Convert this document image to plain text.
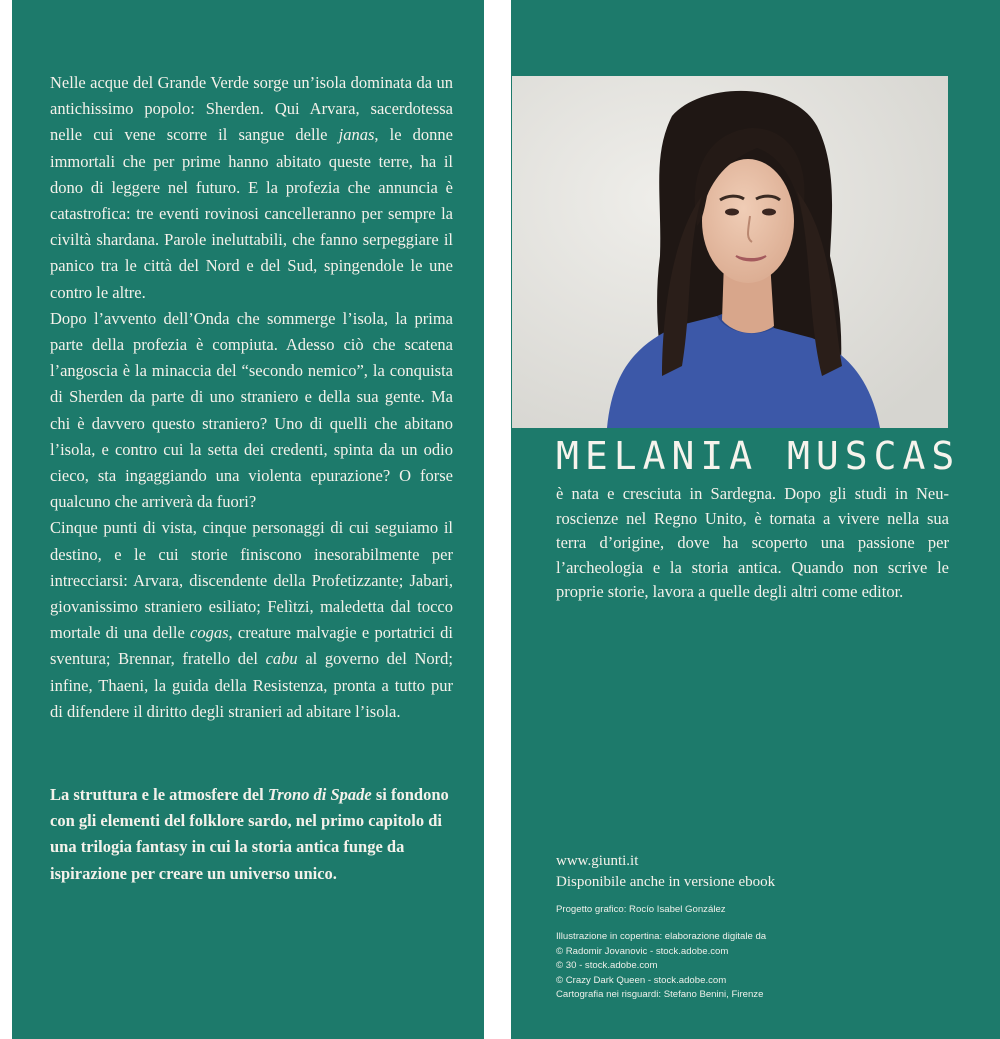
Nelle acque del Grande Verde sorge un’isola dominata da un antichissimo popolo: Sherden. Qui Arvara, sacerdotessa nelle cui vene scorre il sangue delle janas, le donne immortali che per prime hanno abitato queste terre, ha il dono di leggere nel futuro. E la profezia che annuncia è catastrofica: tre eventi rovinosi cancelleranno per sempre la civiltà shardana. Parole ineluttabili, che fanno serpeggiare il panico tra le città del Nord e del Sud, spingendole le une contro le altre.

Dopo l’avvento dell’Onda che sommerge l’isola, la prima parte della profezia è compiuta. Adesso ciò che scatena l’angoscia è la minaccia del “secondo nemico”, la conquista di Sherden da parte di uno straniero e della sua gente. Ma chi è davvero questo straniero? Uno di quelli che abitano l’isola, e contro cui la setta dei credenti, spinta da un odio cieco, sta ingaggiando una violenta epurazione? O forse qualcuno che arriverà da fuori?

Cinque punti di vista, cinque personaggi di cui seguiamo il destino, e le cui storie finiscono inesorabilmente per intrecciarsi: Arvara, discendente della Profetizzante; Jabari, giovanissimo straniero esiliato; Felìtzi, maledetta dal tocco mortale di una delle cogas, creature malvagie e portatrici di sventura; Brennar, fratello del cabu al governo del Nord; infine, Thaeni, la guida della Resistenza, pronta a tutto pur di difendere il diritto degli stranieri ad abitare l’isola.

La struttura e le atmosfere del Trono di Spade si fondono con gli elementi del folklore sardo, nel primo capitolo di una trilogia fantasy in cui la storia antica funge da ispirazione per creare un universo unico.
MELANIA MUSCAS
è nata e cresciuta in Sardegna. Dopo gli studi in Neuroscienze nel Regno Unito, è tornata a vivere nella sua terra d’origine, dove ha scoperto una passione per l’archeologia e la storia antica. Quando non scrive le proprie storie, lavora a quelle degli altri come editor.
www.giunti.it
Disponibile anche in versione ebook
Progetto grafico: Rocío Isabel González
Illustrazione in copertina: elaborazione digitale da
© Radomir Jovanovic - stock.adobe.com
© 30 - stock.adobe.com
© Crazy Dark Queen - stock.adobe.com
Cartografia nei risguardi: Stefano Benini, Firenze
